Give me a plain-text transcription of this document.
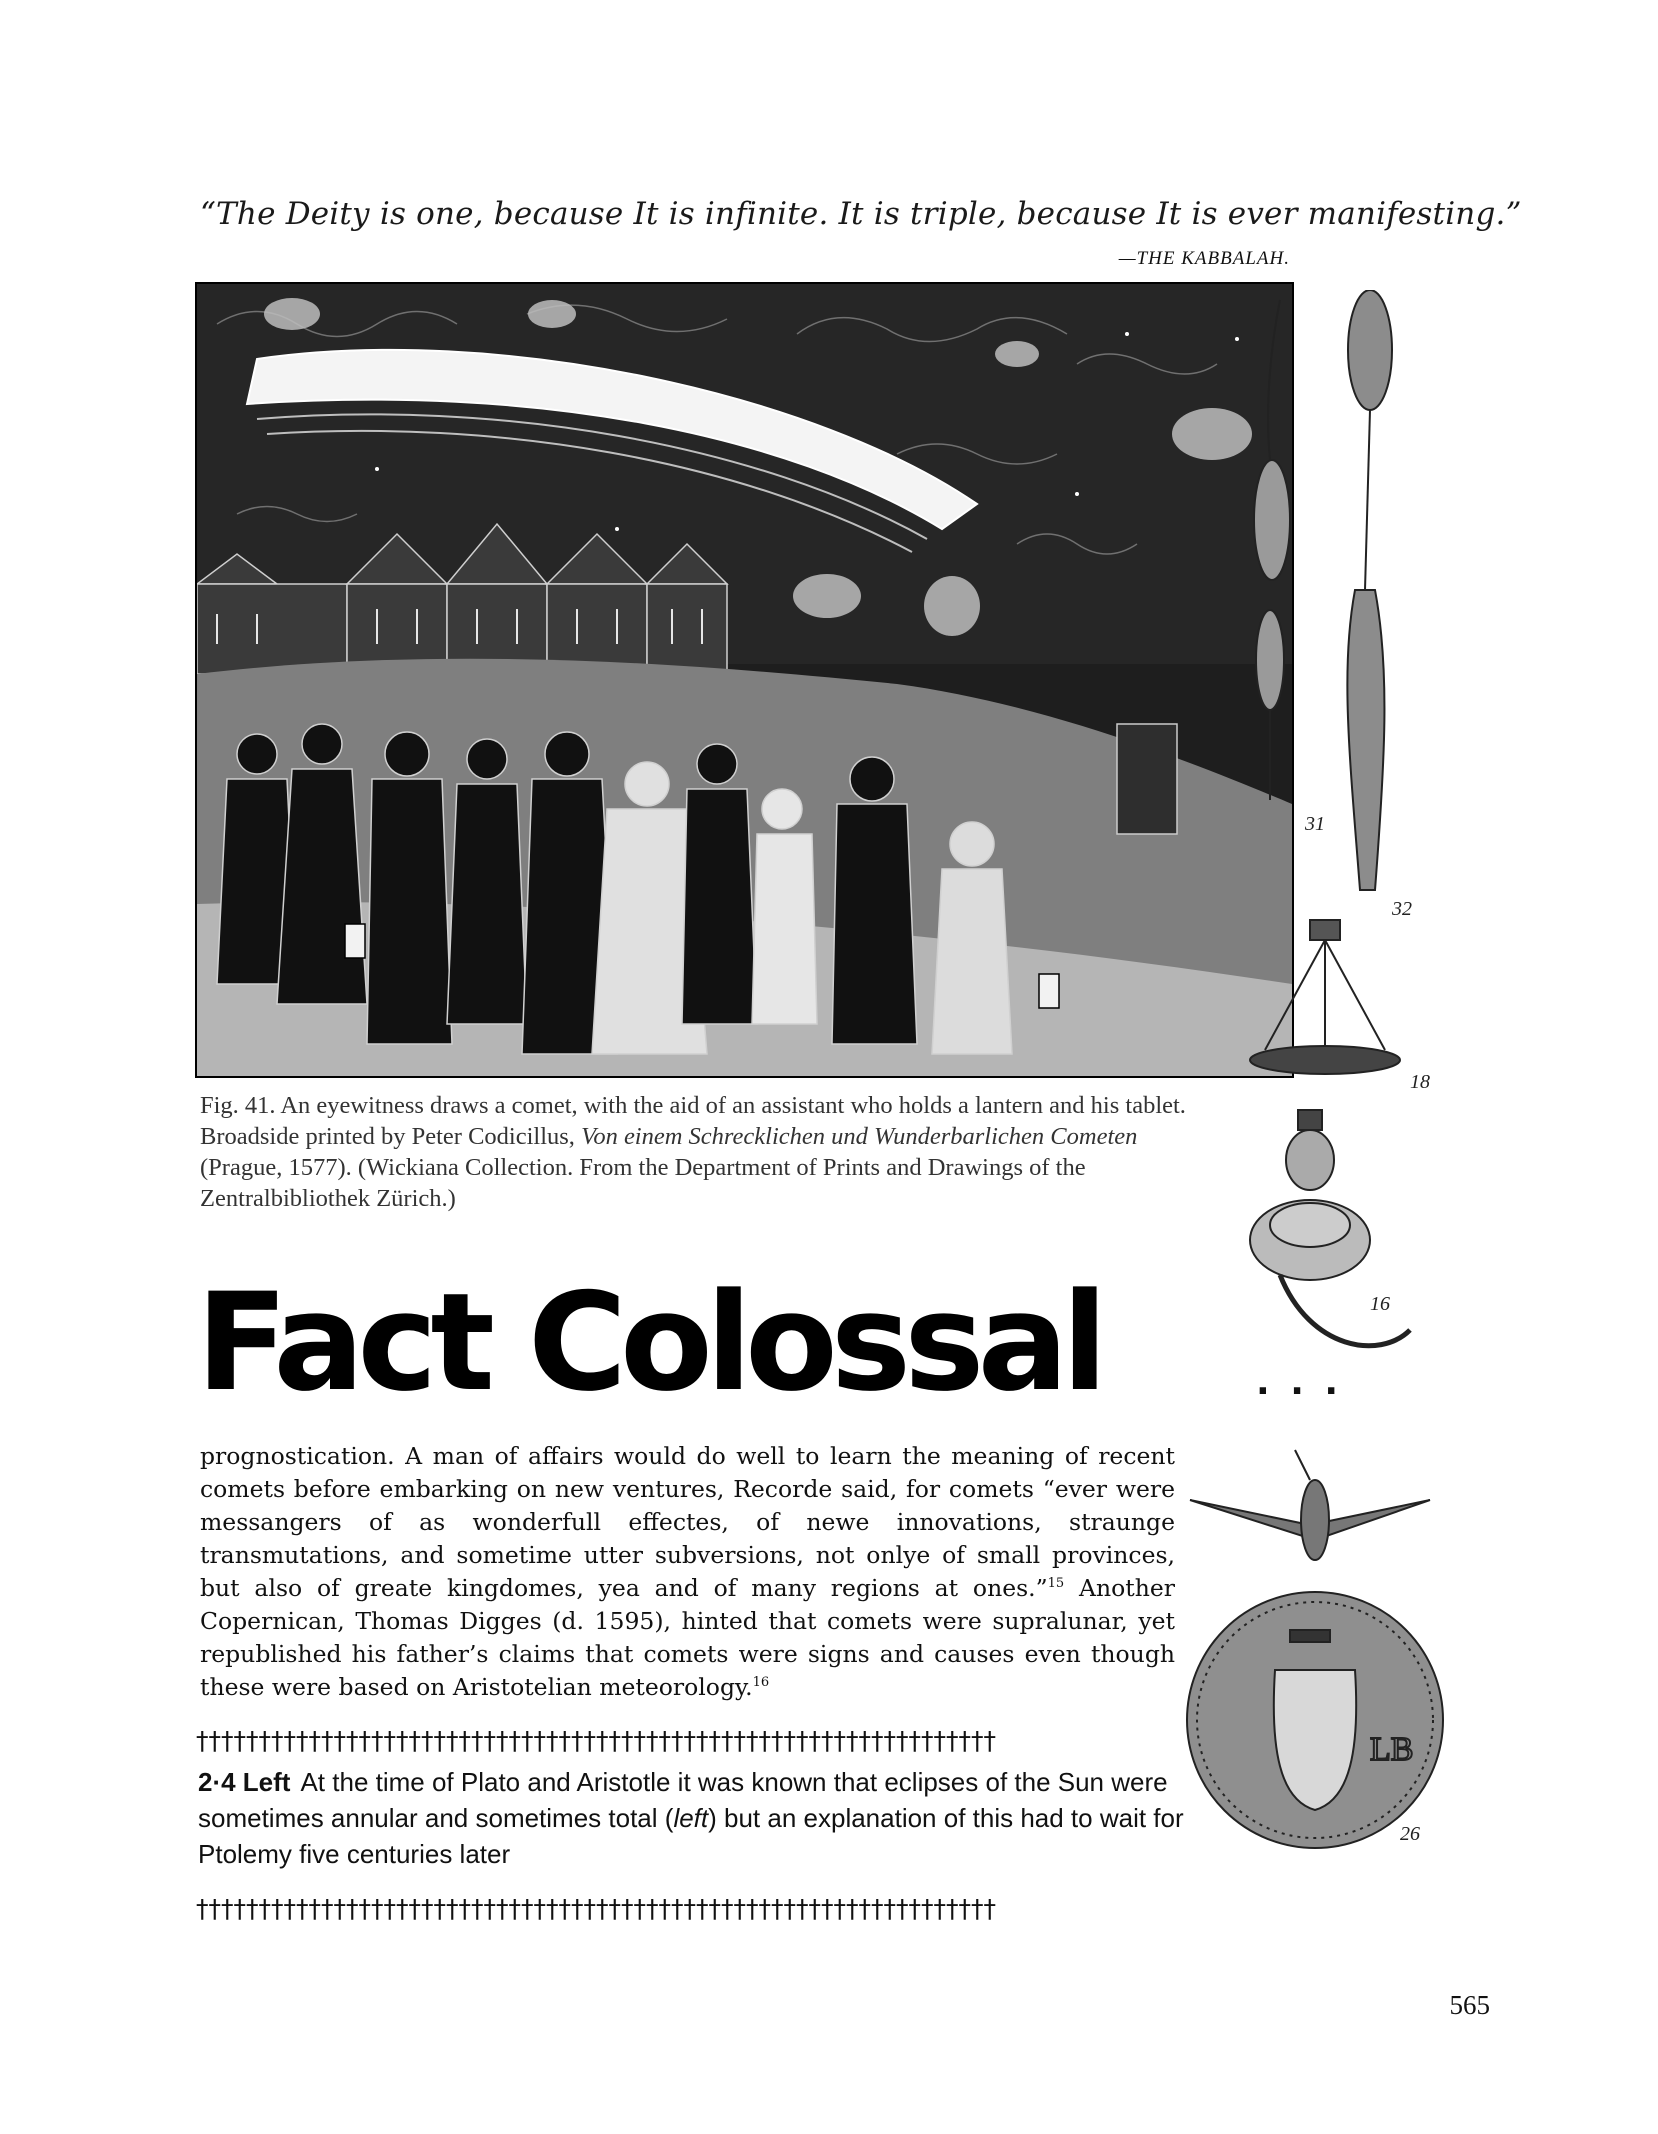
“The Deity is one, because It is infinite. It is triple, because It is ever manifesting.”
—THE KABBALAH.
31
32
18
16
LB
26
Fig. 41. An eyewitness draws a comet, with the aid of an assistant who holds a lantern and his tablet. Broadside printed by Peter Codicillus, Von einem Schrecklichen und Wunderbarlichen Cometen (Prague, 1577). (Wickiana Collection. From the Department of Prints and Drawings of the Zentralbibliothek Zürich.)
Fact Colossal	. . .
prognostication. A man of affairs would do well to learn the meaning of recent comets before embarking on new ventures, Recorde said, for comets “ever were messangers of as wonderfull effectes, of newe innovations, straunge transmutations, and sometime utter subversions, not onlye of small provinces, but also of greate kingdomes, yea and of many regions at ones.”$^{15}$ Another Copernican, Thomas Digges (d. 1595), hinted that comets were supralunar, yet republished his father’s claims that comets were signs and causes even though these were based on Aristotelian meteorology.$^{16}$
††††††††††††††††††††††††††††††††††††††††††††††††††††††††††††††††
2·4 Left At the time of Plato and Aristotle it was known that eclipses of the Sun were sometimes annular and sometimes total (left) but an explanation of this had to wait for Ptolemy five centuries later
††††††††††††††††††††††††††††††††††††††††††††††††††††††††††††††††
565
